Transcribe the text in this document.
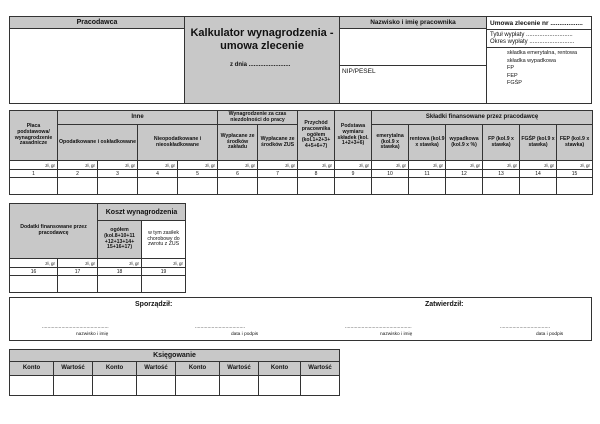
Pracodawca
Kalkulator wynagrodzenia -
umowa zlecenie
z dnia .........................
Nazwisko i imię pracownika
NIP/PESEL
Umowa zlecenie nr ..................
Tytuł wypłaty ............................
Okres wypłaty ...........................
składka emerytalna, rentowa
składka wypadkowa
FP
FEP
FGŚP
Płaca podstawowa/ wynagrodzenie zasadnicze	Inne				Wynagrodzenie za czas niezdolności do pracy		Przychód pracownika ogółem (kol.1+2+3+ 4+5+6+7)	Podstawa wymiaru składek (kol. 1+2+3+6)	Składki finansowane przez pracodawcę					
	Opodatkowane i oskładkowane		Nieopodatkowane i nieoskładkowane		Wypłacane ze środków zakładu	Wypłacane ze środków ZUS			emerytalna (kol.9 x stawka)	rentowa (kol.9 x stawka)	wypadkowa (kol.9 x %)	FP (kol.9 x stawka)	FGŚP (kol.9 x stawka)	FEP (kol.9 x stawka)
zł, gr	zł, gr	zł, gr	zł, gr	zł, gr	zł, gr	zł, gr	zł, gr	zł, gr	zł, gr	zł, gr	zł, gr	zł, gr	zł, gr	zł, gr
1	2	3	4	5	6	7	8	9	10	11	12	13	14	15

Dodatki finansowane przez pracodawcę		Koszt wynagrodzenia	
		ogółem (kol.8+10+11 +12+13+14+ 15+16+17)	w tym zasiłek chorobowy do zwrotu z ZUS
zł, gr	zł, gr	zł, gr	zł, gr
16	17	18	19

Sporządził:	Zatwierdził:
................................................
nazwisko i imię
....................................
data i podpis
................................................
nazwisko i imię
....................................
data i podpis
Księgowanie							
Konto	Wartość	Konto	Wartość	Konto	Wartość	Konto	Wartość
